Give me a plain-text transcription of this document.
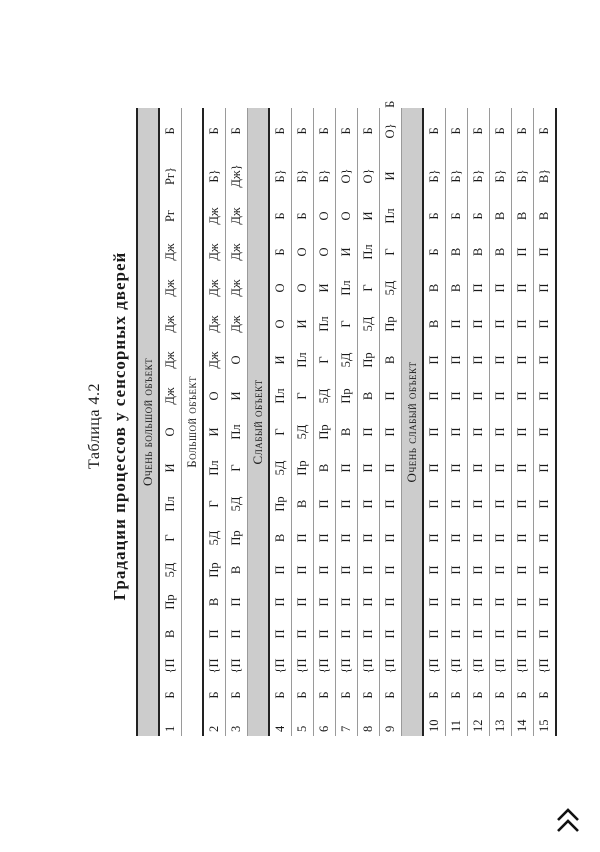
Таблица 4.2 Градации процессов у сенсорных дверей Очень большой объект																		
1	Б	{П	В	Пр	5Д	Г	Пл	И	О	Дж	Дж	Дж	Дж	Дж	Рг	Рг}	Б	
Большой объект																		
2	Б	{П	П	В	Пр	5Д	Г	Пл	И	О	Дж	Дж	Дж	Дж	Дж	Б}	Б	
3	Б	{П	П	П	В	Пр	5Д	Г	Пл	И	О	Дж	Дж	Дж	Дж	Дж}	Б	
Слабый объект																		
4	Б	{П	П	П	П	В	Пр	5Д	Г	Пл	И	О	О	Б	Б	Б}	Б	
5	Б	{П	П	П	П	П	В	Пр	5Д	Г	Пл	И	О	О	Б	Б}	Б	
6	Б	{П	П	П	П	П	П	В	Пр	5Д	Г	Пл	И	О	О	Б}	Б	
7	Б	{П	П	П	П	П	П	П	В	Пр	5Д	Г	Пл	И	О	О}	Б	
8	Б	{П	П	П	П	П	П	П	П	В	Пр	5Д	Г	Пл	И	О}	Б	
9	Б	{П	П	П	П	П	П	П	П	П	В	Пр	5Д	Г	Пл	И	О}	Б
Очень слабый объект																		
10	Б	{П	П	П	П	П	П	П	П	П	П	В	В	Б	Б	Б}	Б	
11	Б	{П	П	П	П	П	П	П	П	П	П	П	В	В	Б	Б}	Б	
12	Б	{П	П	П	П	П	П	П	П	П	П	П	П	В	Б	Б}	Б	
13	Б	{П	П	П	П	П	П	П	П	П	П	П	П	В	В	Б}	Б	
14	Б	{П	П	П	П	П	П	П	П	П	П	П	П	П	В	Б}	Б	
15	Б	{П	П	П	П	П	П	П	П	П	П	П	П	П	В	В}	Б	
